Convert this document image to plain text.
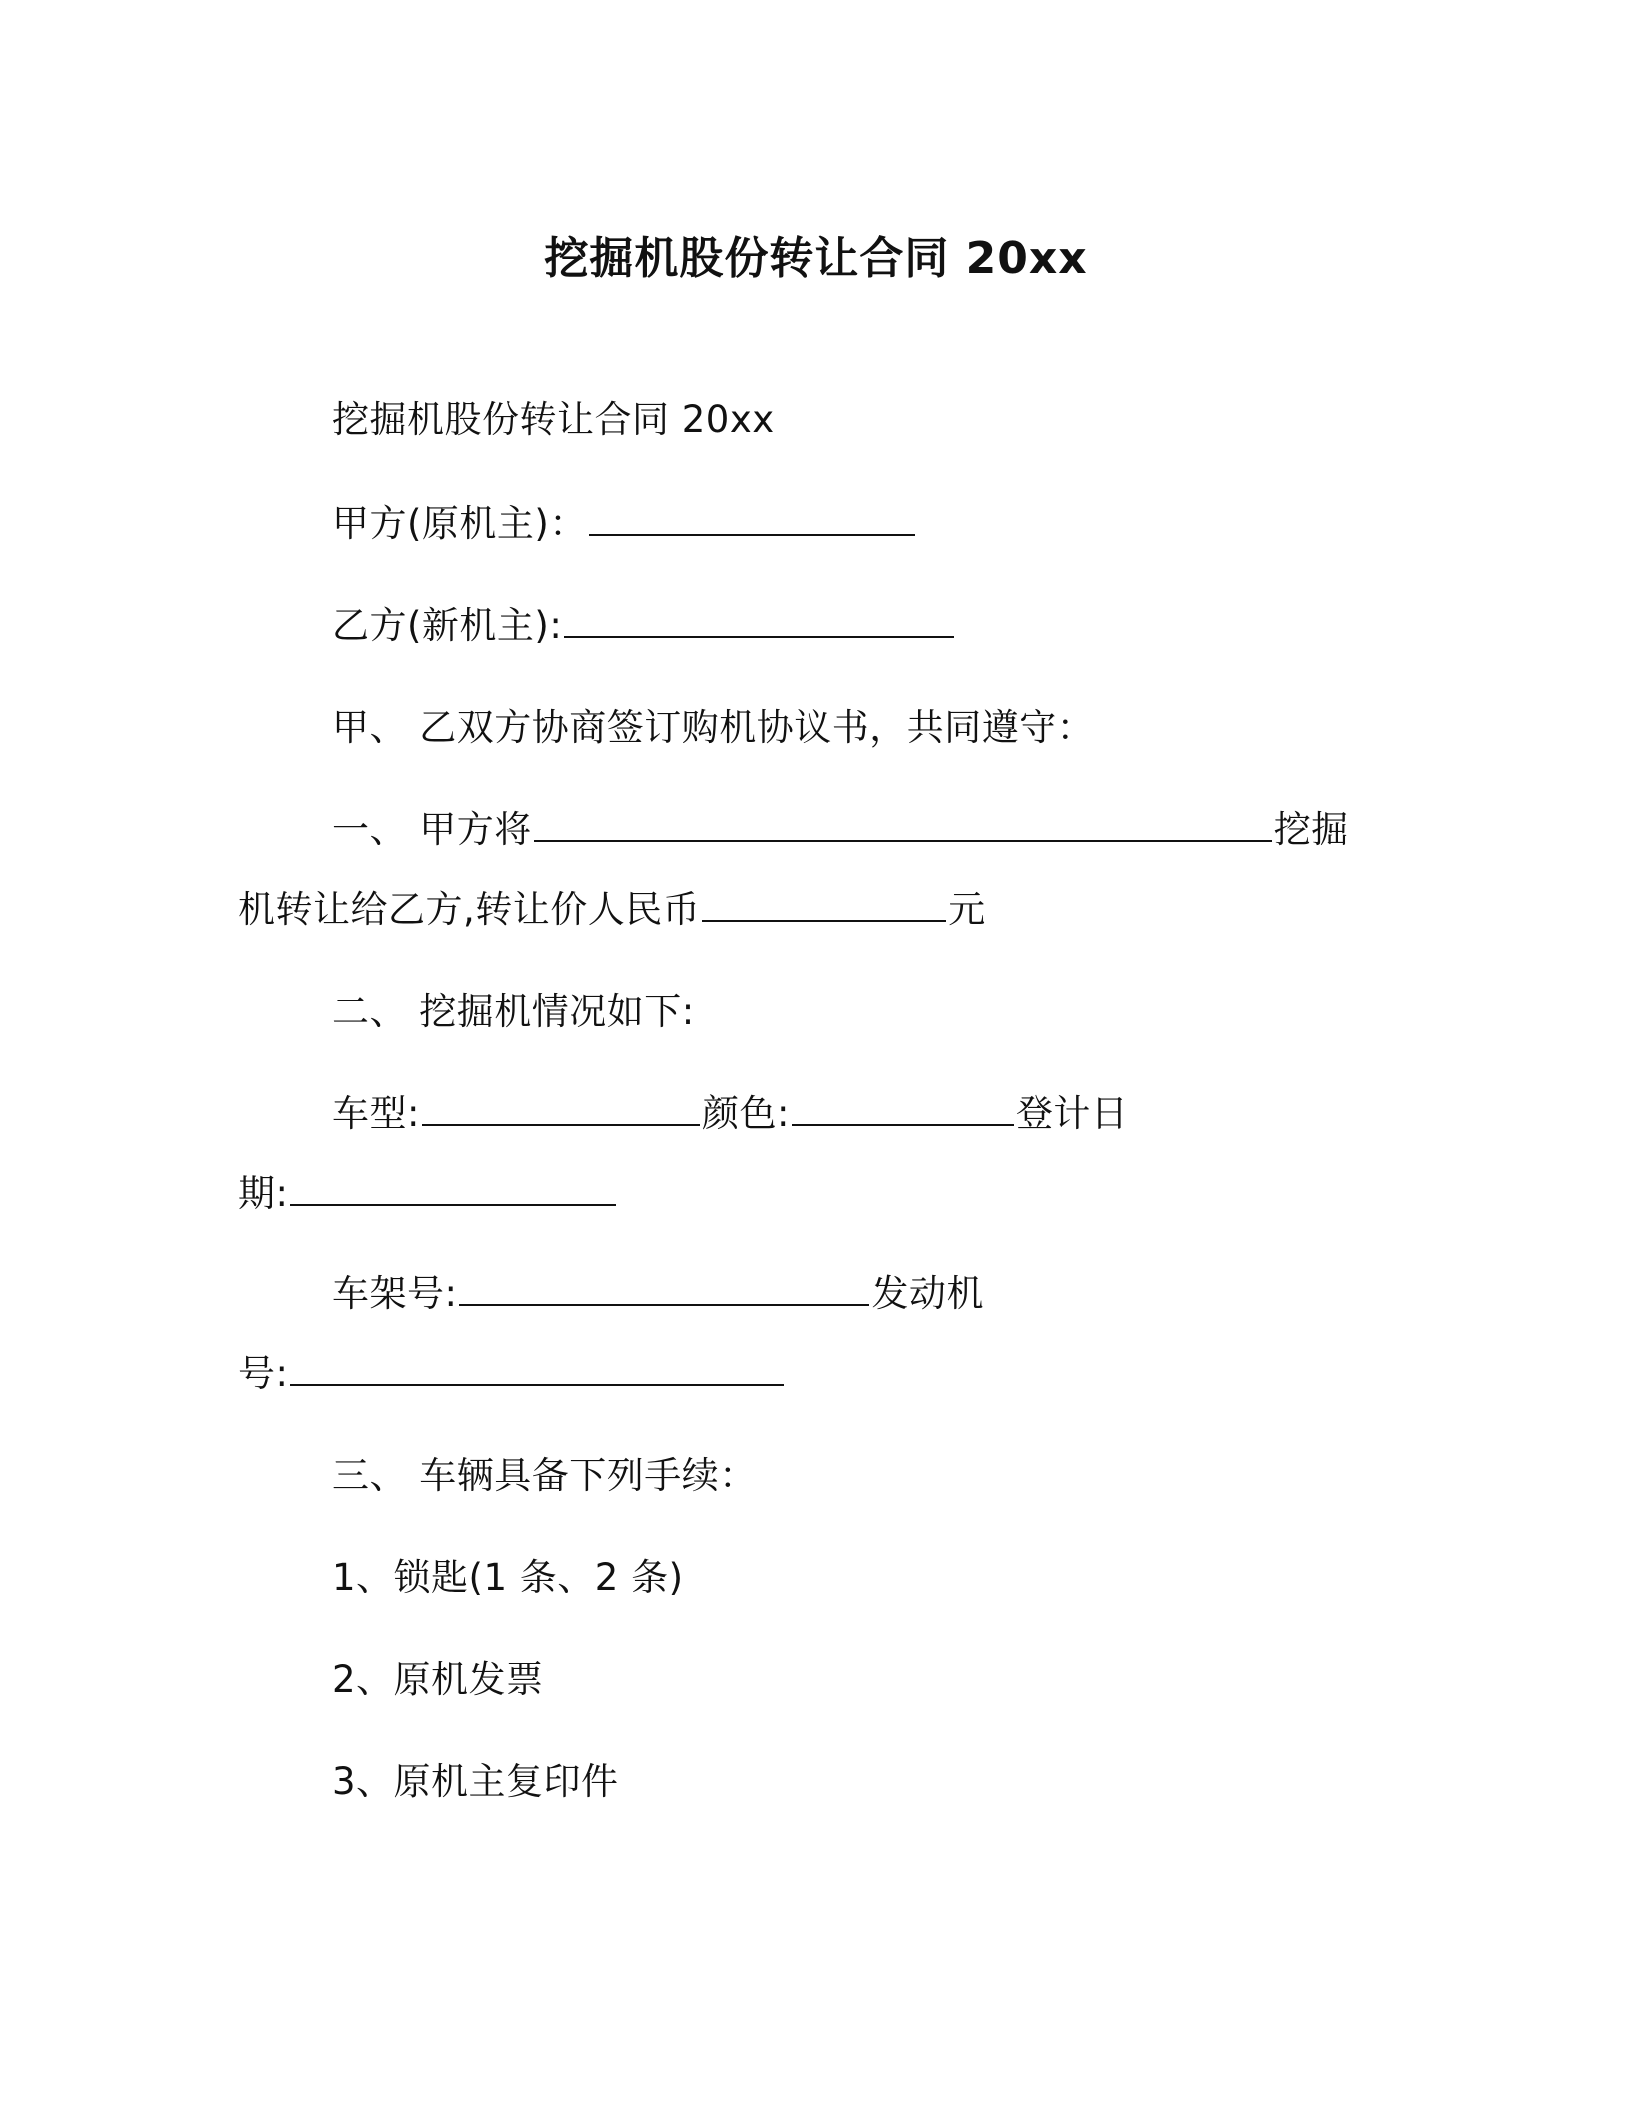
挖掘机股份转让合同 20xx
挖掘机股份转让合同 20xx
甲方(原机主)：
乙方(新机主):
甲、 乙双方协商签订购机协议书，共同遵守：
一、 甲方将	挖掘
机转让给乙方,转让价人民币	元
二、 挖掘机情况如下:
车型:	颜色:	登计日
期:
车架号:	发动机
号:
三、 车辆具备下列手续：
1、锁匙(1 条、2 条)
2、原机发票
3、原机主复印件
